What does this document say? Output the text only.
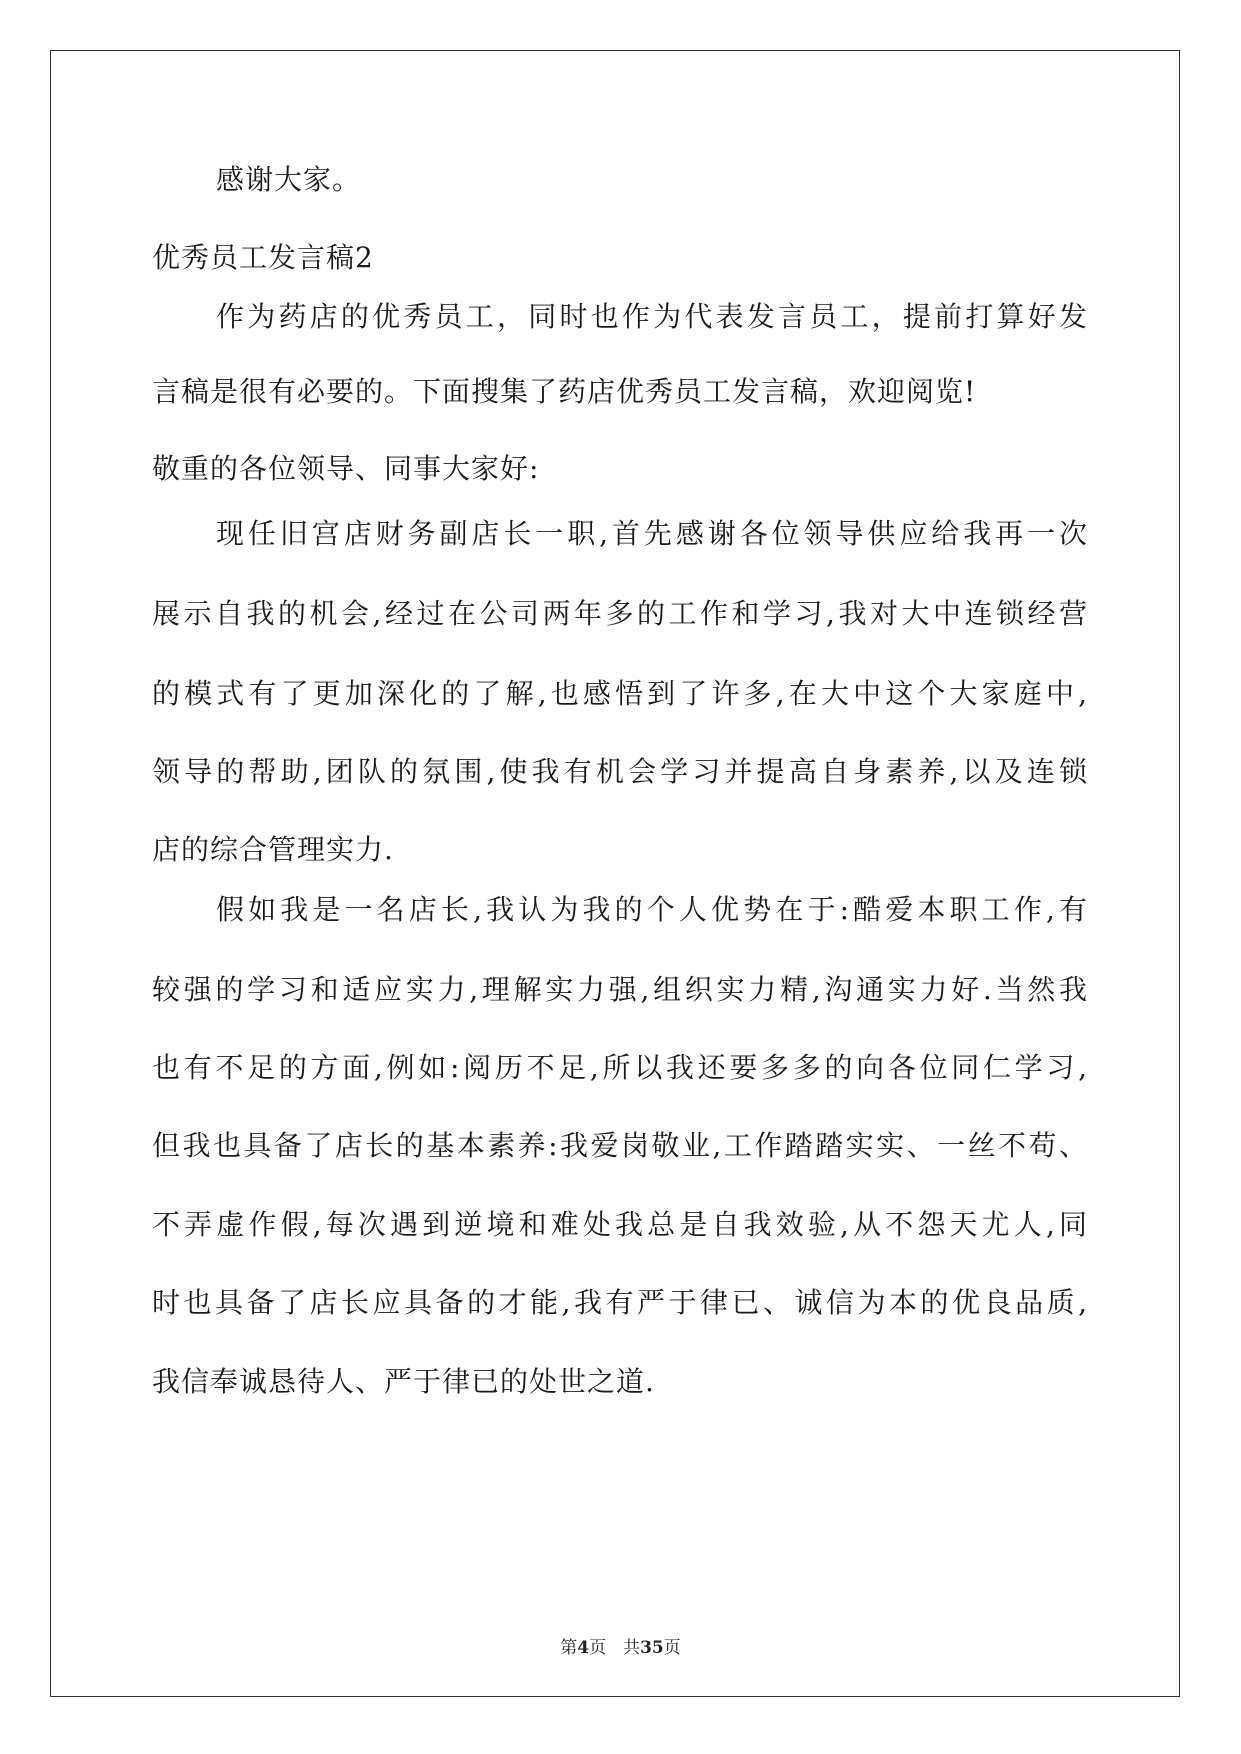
感谢大家。
优秀员工发言稿2
作为药店的优秀员工，同时也作为代表发言员工，提前打算好发
言稿是很有必要的。下面搜集了药店优秀员工发言稿，欢迎阅览!
敬重的各位领导、同事大家好:
现任旧宫店财务副店长一职,首先感谢各位领导供应给我再一次
展示自我的机会,经过在公司两年多的工作和学习,我对大中连锁经营
的模式有了更加深化的了解,也感悟到了许多,在大中这个大家庭中,
领导的帮助,团队的氛围,使我有机会学习并提高自身素养,以及连锁
店的综合管理实力.
假如我是一名店长,我认为我的个人优势在于:酷爱本职工作,有
较强的学习和适应实力,理解实力强,组织实力精,沟通实力好.当然我
也有不足的方面,例如:阅历不足,所以我还要多多的向各位同仁学习,
但我也具备了店长的基本素养:我爱岗敬业,工作踏踏实实、一丝不苟、
不弄虚作假,每次遇到逆境和难处我总是自我效验,从不怨天尤人,同
时也具备了店长应具备的才能,我有严于律已、诚信为本的优良品质,
我信奉诚恳待人、严于律已的处世之道.
第4页　共35页
